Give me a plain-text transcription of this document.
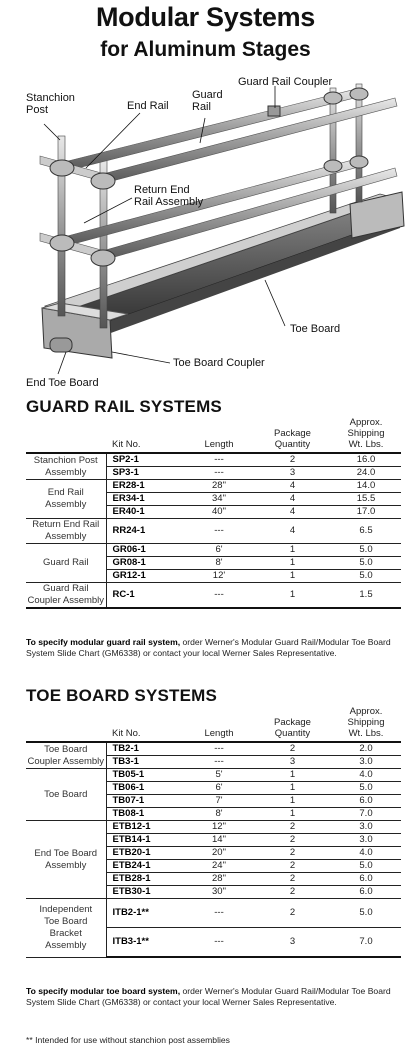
Modular Systems
for Aluminum Stages
Stanchion
Post	End Rail
Guard
Rail
Guard Rail Coupler
Return End
Rail Assembly
Toe Board
Toe Board Coupler
End Toe Board
GUARD RAIL SYSTEMS
	Kit No.	Length	Package
Quantity	Approx.
Shipping
Wt. Lbs.
Stanchion Post
Assembly	SP2-1	---	2	16.0
	SP3-1	---	3	24.0
End Rail
Assembly	ER28-1	28"	4	14.0
	ER34-1	34"	4	15.5
	ER40-1	40"	4	17.0
Return End Rail
Assembly	RR24-1	---	4	6.5
Guard Rail	GR06-1	6'	1	5.0
	GR08-1	8'	1	5.0
	GR12-1	12'	1	5.0
Guard Rail
Coupler Assembly	RC-1	---	1	1.5
To specify modular guard rail system, order Werner's Modular Guard Rail/Modular Toe Board System Slide Chart (GM6338) or contact your local Werner Sales Representative.
TOE BOARD SYSTEMS
	Kit No.	Length	Package
Quantity	Approx.
Shipping
Wt. Lbs.
Toe Board
Coupler Assembly	TB2-1	---	2	2.0
	TB3-1	---	3	3.0
Toe Board	TB05-1	5'	1	4.0
	TB06-1	6'	1	5.0
	TB07-1	7'	1	6.0
	TB08-1	8'	1	7.0
End Toe Board
Assembly	ETB12-1	12"	2	3.0
	ETB14-1	14"	2	3.0
	ETB20-1	20"	2	4.0
	ETB24-1	24"	2	5.0
	ETB28-1	28"	2	6.0
	ETB30-1	30"	2	6.0
Independent
Toe Board
Bracket
Assembly	ITB2-1**	---	2	5.0
	ITB3-1**	---	3	7.0
To specify modular toe board system, order Werner's Modular Guard Rail/Modular Toe Board System Slide Chart (GM6338) or contact your local Werner Sales Representative.
** Intended for use without stanchion post assemblies
